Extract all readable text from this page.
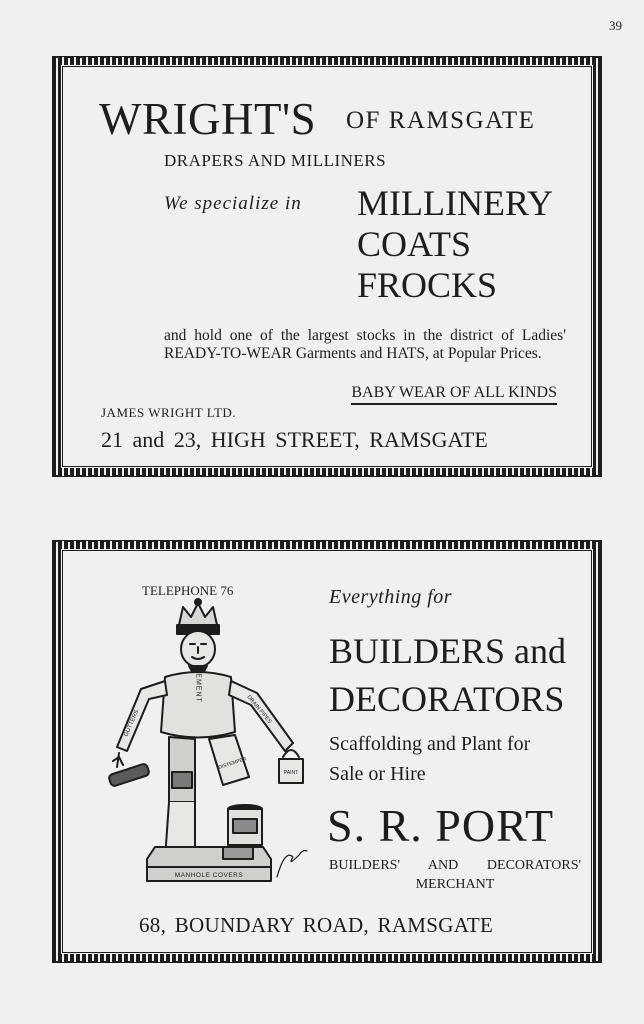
39
WRIGHT'S OF RAMSGATE
DRAPERS AND MILLINERS
We specialize in MILLINERY
COATS
FROCKS
and hold one of the largest stocks in the district of Ladies' READY-TO-WEAR Garments and HATS, at Popular Prices.
BABY WEAR OF ALL KINDS
JAMES WRIGHT LTD.
21 and 23, HIGH STREET, RAMSGATE
TELEPHONE 76
CEMENT
GUTTERS	DRAIN PIPES
PAINT
DISTEMPER
MANHOLE COVERS
Everything for
BUILDERS and
DECORATORS
Scaffolding and Plant for
Sale or Hire
S. R. PORT
BUILDERS' AND DECORATORS'
MERCHANT
68, BOUNDARY ROAD, RAMSGATE
